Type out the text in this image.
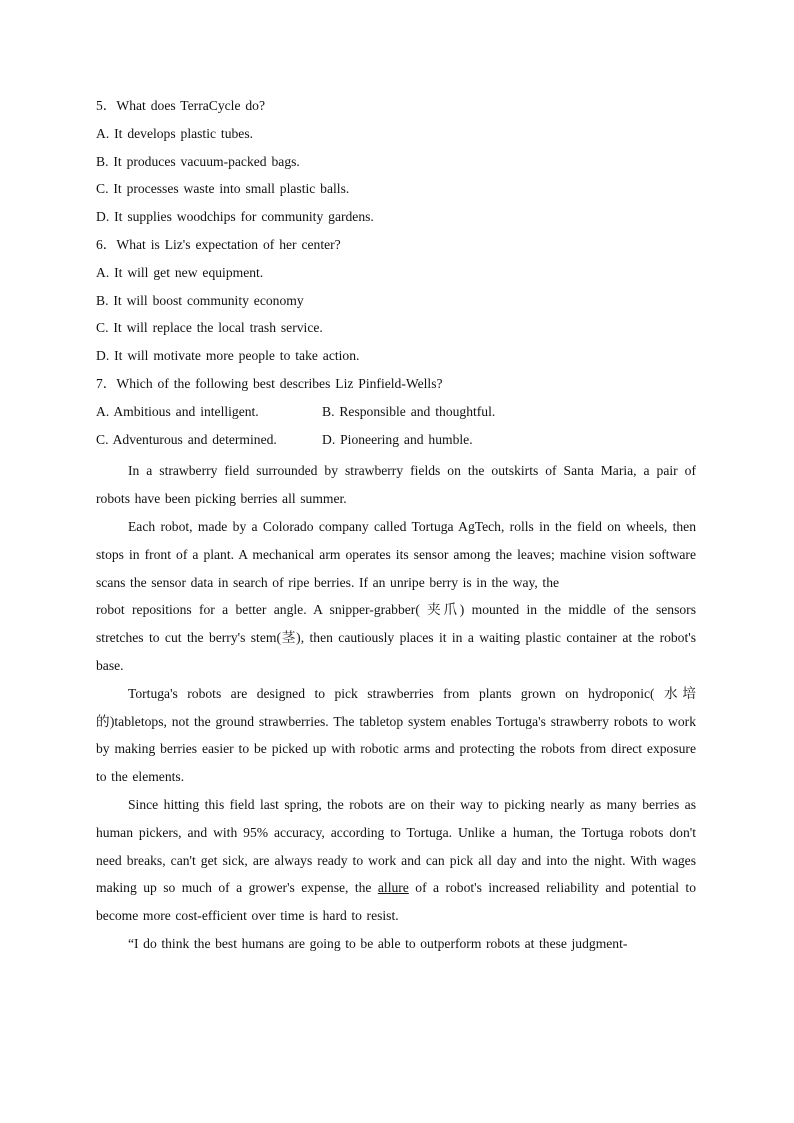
5．What does TerraCycle do?
A. It develops plastic tubes.
B. It produces vacuum-packed bags.
C. It processes waste into small plastic balls.
D. It supplies woodchips for community gardens.
6．What is Liz's expectation of her center?
A. It will get new equipment.
B. It will boost community economy
C. It will replace the local trash service.
D. It will motivate more people to take action.
7．Which of the following best describes Liz Pinfield-Wells?
A. Ambitious and intelligent.	B. Responsible and thoughtful.
C. Adventurous and determined.	D. Pioneering and humble.

In a strawberry field surrounded by strawberry fields on the outskirts of Santa Maria, a pair of robots have been picking berries all summer.

Each robot, made by a Colorado company called Tortuga AgTech, rolls in the field on wheels, then stops in front of a plant. A mechanical arm operates its sensor among the leaves; machine vision software scans the sensor data in search of ripe berries. If an unripe berry is in the way, the

robot repositions for a better angle. A snipper-grabber( 夹爪) mounted in the middle of the sensors stretches to cut the berry's stem(茎), then cautiously places it in a waiting plastic container at the robot's base.

Tortuga's robots are designed to pick strawberries from plants grown on hydroponic( 水培的)tabletops, not the ground strawberries. The tabletop system enables Tortuga's strawberry robots to work by making berries easier to be picked up with robotic arms and protecting the robots from direct exposure to the elements.

Since hitting this field last spring, the robots are on their way to picking nearly as many berries as human pickers, and with 95% accuracy, according to Tortuga. Unlike a human, the Tortuga robots don't need breaks, can't get sick, are always ready to work and can pick all day and into the night. With wages making up so much of a grower's expense, the allure of a robot's increased reliability and potential to become more cost-efficient over time is hard to resist.

“I do think the best humans are going to be able to outperform robots at these judgment-
